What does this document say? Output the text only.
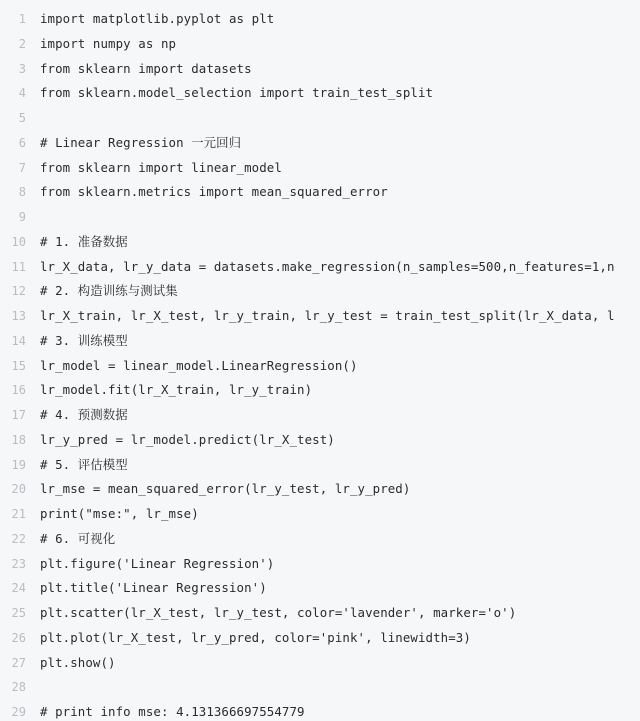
1 import matplotlib.pyplot as plt
2 import numpy as np
3 from sklearn import datasets
4 from sklearn.model_selection import train_test_split
5
6 # Linear Regression 一元回归
7 from sklearn import linear_model
8 from sklearn.metrics import mean_squared_error
9
10 # 1. 准备数据
11 lr_X_data, lr_y_data = datasets.make_regression(n_samples=500,n_features=1,n
12 # 2. 构造训练与测试集
13 lr_X_train, lr_X_test, lr_y_train, lr_y_test = train_test_split(lr_X_data, l
14 # 3. 训练模型
15 lr_model = linear_model.LinearRegression()
16 lr_model.fit(lr_X_train, lr_y_train)
17 # 4. 预测数据
18 lr_y_pred = lr_model.predict(lr_X_test)
19 # 5. 评估模型
20 lr_mse = mean_squared_error(lr_y_test, lr_y_pred)
21 print("mse:", lr_mse)
22 # 6. 可视化
23 plt.figure('Linear Regression')
24 plt.title('Linear Regression')
25 plt.scatter(lr_X_test, lr_y_test, color='lavender', marker='o')
26 plt.plot(lr_X_test, lr_y_pred, color='pink', linewidth=3)
27 plt.show()
28
29 # print info mse: 4.131366697554779
